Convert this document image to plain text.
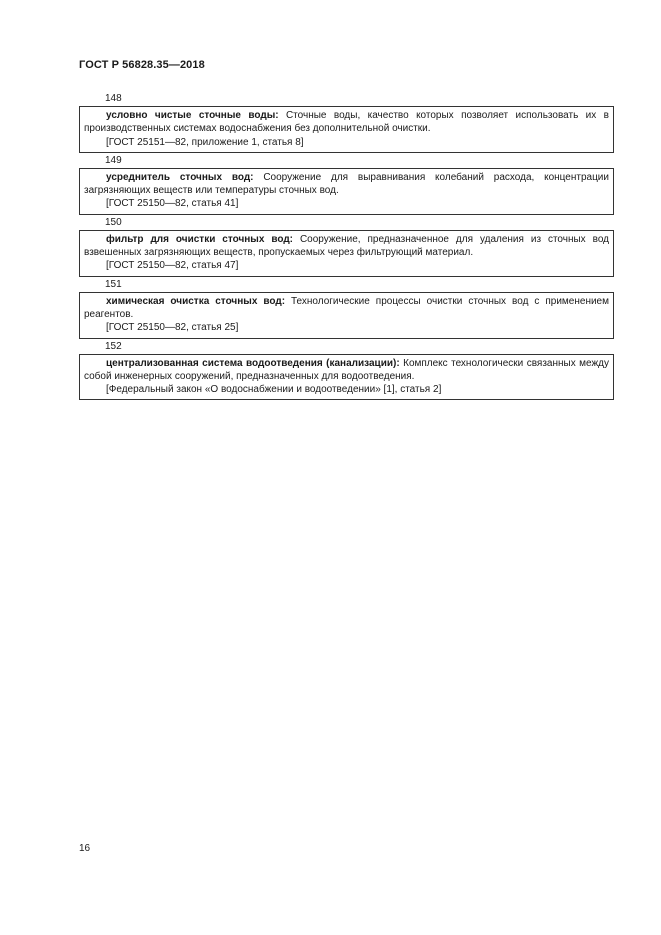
ГОСТ Р 56828.35—2018
148

условно чистые сточные воды: Сточные воды, качество которых позволяет использовать их в производственных системах водоснабжения без дополнительной очистки.

[ГОСТ 25151—82, приложение 1, статья 8]

149

усреднитель сточных вод: Сооружение для выравнивания колебаний расхода, концентрации загрязняющих веществ или температуры сточных вод.

[ГОСТ 25150—82, статья 41]

150

фильтр для очистки сточных вод: Сооружение, предназначенное для удаления из сточных вод взвешенных загрязняющих веществ, пропускаемых через фильтрующий материал.

[ГОСТ 25150—82, статья 47]

151

химическая очистка сточных вод: Технологические процессы очистки сточных вод с применением реагентов.

[ГОСТ 25150—82, статья 25]

152

централизованная система водоотведения (канализации): Комплекс технологически связанных между собой инженерных сооружений, предназначенных для водоотведения.

[Федеральный закон «О водоснабжении и водоотведении» [1], статья 2]

16
